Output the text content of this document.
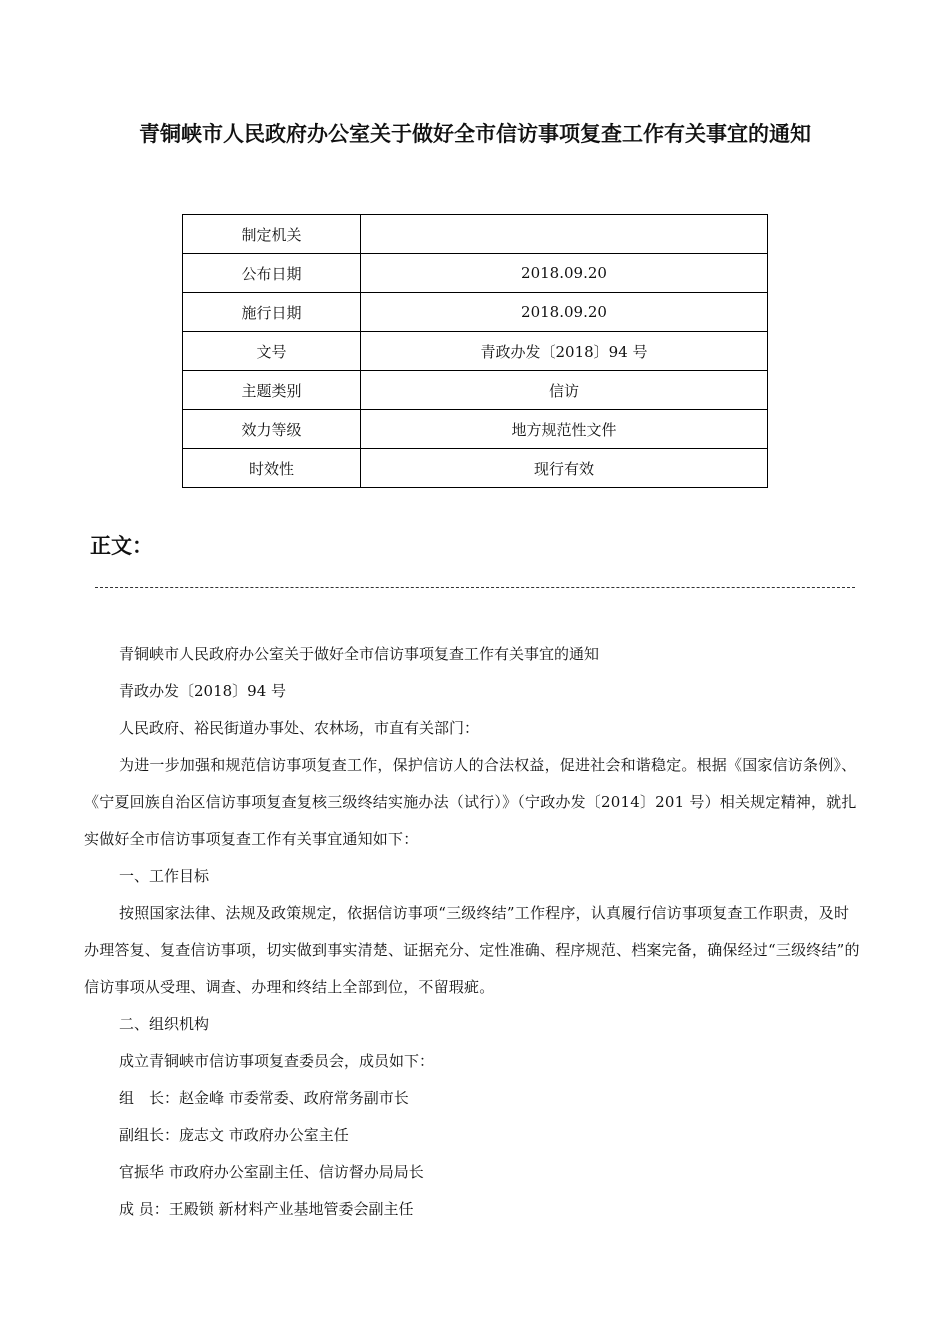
青铜峡市人民政府办公室关于做好全市信访事项复查工作有关事宜的通知
制定机关	
公布日期	2018.09.20
施行日期	2018.09.20
文号	青政办发〔2018〕94 号
主题类别	信访
效力等级	地方规范性文件
时效性	现行有效
正文：

青铜峡市人民政府办公室关于做好全市信访事项复查工作有关事宜的通知

青政办发〔2018〕94 号

人民政府、裕民街道办事处、农林场，市直有关部门：

为进一步加强和规范信访事项复查工作，保护信访人的合法权益，促进社会和谐稳定。根据《国家信访条例》、《宁夏回族自治区信访事项复查复核三级终结实施办法（试行）》（宁政办发〔2014〕201 号）相关规定精神，就扎实做好全市信访事项复查工作有关事宜通知如下：

一、工作目标

按照国家法律、法规及政策规定，依据信访事项“三级终结”工作程序，认真履行信访事项复查工作职责，及时办理答复、复查信访事项，切实做到事实清楚、证据充分、定性准确、程序规范、档案完备，确保经过“三级终结”的信访事项从受理、调查、办理和终结上全部到位，不留瑕疵。

二、组织机构

成立青铜峡市信访事项复查委员会，成员如下：

组　长：赵金峰 市委常委、政府常务副市长

副组长：庞志文 市政府办公室主任

官振华 市政府办公室副主任、信访督办局局长

成 员：王殿锁 新材料产业基地管委会副主任
